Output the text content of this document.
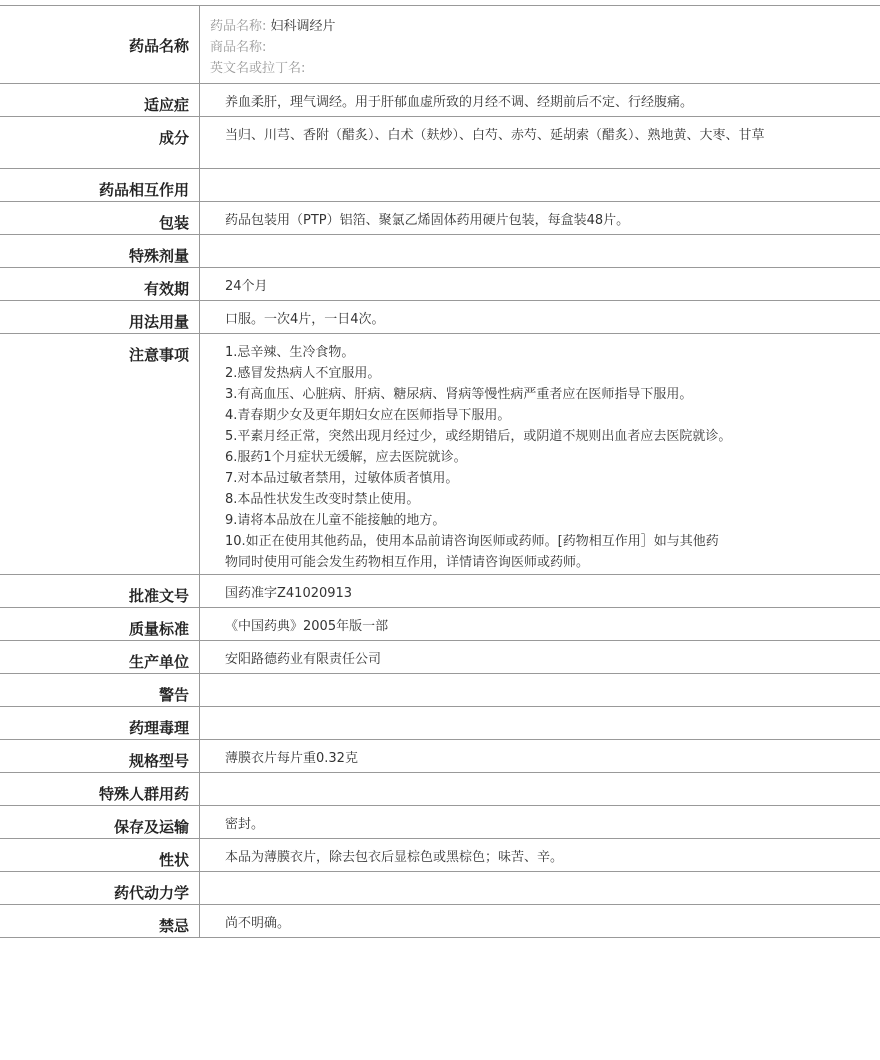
药品名称
药品名称: 妇科调经片
商品名称:
英文名或拉丁名:
适应症	养血柔肝，理气调经。用于肝郁血虚所致的月经不调、经期前后不定、行经腹痛。
成分	当归、川芎、香附（醋炙）、白术（麸炒）、白芍、赤芍、延胡索（醋炙）、熟地黄、大枣、甘草
药品相互作用
包装	药品包装用（PTP）铝箔、聚氯乙烯固体药用硬片包装，每盒装48片。
特殊剂量
有效期	24个月
用法用量	口服。一次4片，一日4次。
注意事项	1.忌辛辣、生冷食物。
2.感冒发热病人不宜服用。
3.有高血压、心脏病、肝病、糖尿病、肾病等慢性病严重者应在医师指导下服用。
4.青春期少女及更年期妇女应在医师指导下服用。
5.平素月经正常，突然出现月经过少，或经期错后，或阴道不规则出血者应去医院就诊。
6.服药1个月症状无缓解，应去医院就诊。
7.对本品过敏者禁用，过敏体质者慎用。
8.本品性状发生改变时禁止使用。
9.请将本品放在儿童不能接触的地方。
10.如正在使用其他药品，使用本品前请咨询医师或药师。[药物相互作用］如与其他药
物同时使用可能会发生药物相互作用，详情请咨询医师或药师。
批准文号	国药准字Z41020913
质量标准	《中国药典》2005年版一部
生产单位	安阳路德药业有限责任公司
警告
药理毒理
规格型号	薄膜衣片每片重0.32克
特殊人群用药
保存及运输	密封。
性状	本品为薄膜衣片，除去包衣后显棕色或黑棕色；味苦、辛。
药代动力学
禁忌	尚不明确。
